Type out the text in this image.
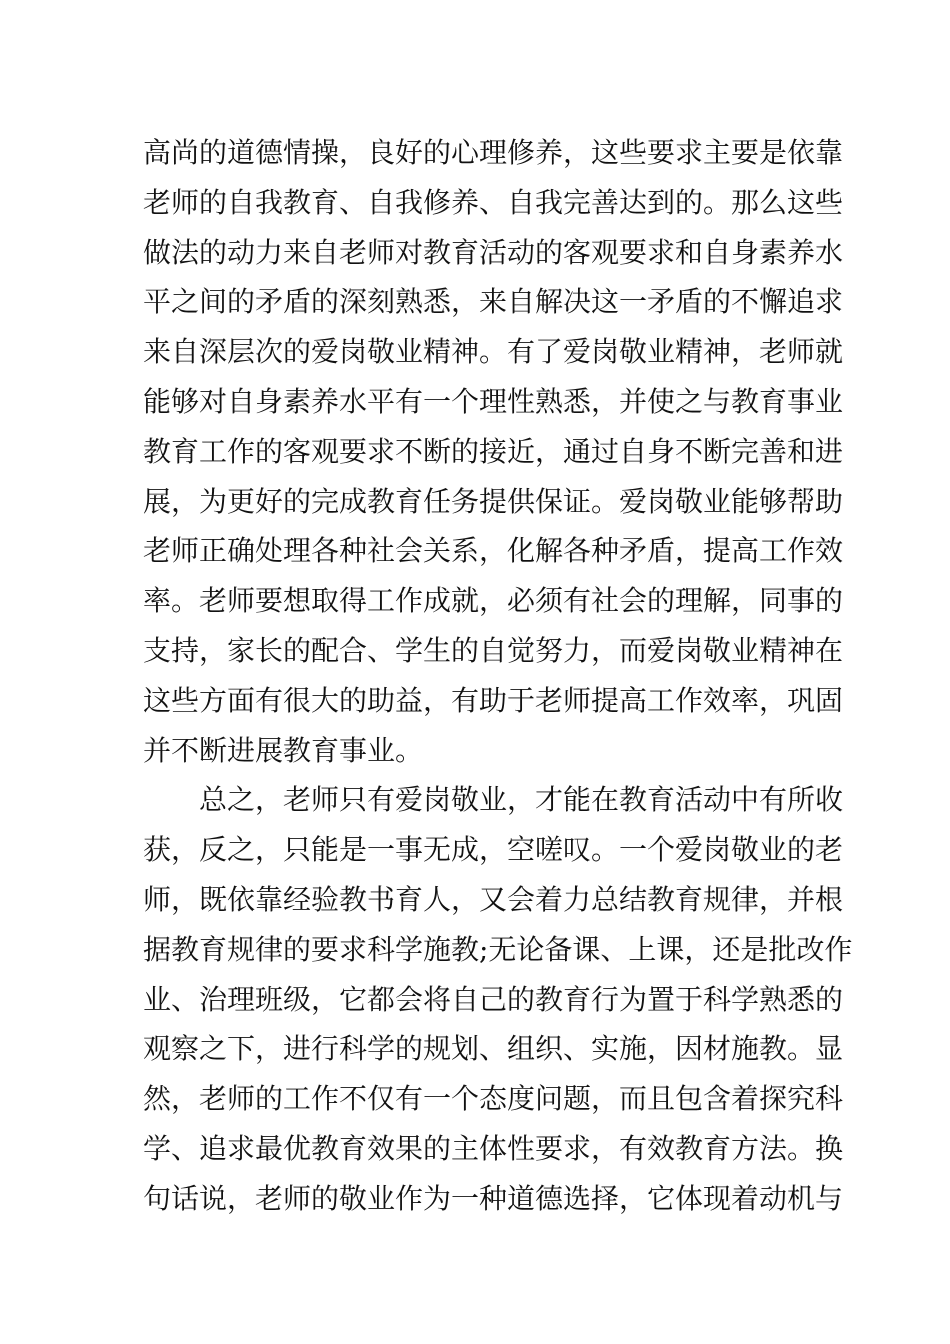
高尚的道德情操，良好的心理修养，这些要求主要是依靠
老师的自我教育、自我修养、自我完善达到的。那么这些
做法的动力来自老师对教育活动的客观要求和自身素养水
平之间的矛盾的深刻熟悉，来自解决这一矛盾的不懈追求
来自深层次的爱岗敬业精神。有了爱岗敬业精神，老师就
能够对自身素养水平有一个理性熟悉，并使之与教育事业
教育工作的客观要求不断的接近，通过自身不断完善和进
展，为更好的完成教育任务提供保证。爱岗敬业能够帮助
老师正确处理各种社会关系，化解各种矛盾，提高工作效
率。老师要想取得工作成就，必须有社会的理解，同事的
支持，家长的配合、学生的自觉努力，而爱岗敬业精神在
这些方面有很大的助益，有助于老师提高工作效率，巩固
并不断进展教育事业。
总之，老师只有爱岗敬业，才能在教育活动中有所收
获，反之，只能是一事无成，空嗟叹。一个爱岗敬业的老
师，既依靠经验教书育人，又会着力总结教育规律，并根
据教育规律的要求科学施教;无论备课、上课，还是批改作
业、治理班级，它都会将自己的教育行为置于科学熟悉的
观察之下，进行科学的规划、组织、实施，因材施教。显
然，老师的工作不仅有一个态度问题，而且包含着探究科
学、追求最优教育效果的主体性要求，有效教育方法。换
句话说，老师的敬业作为一种道德选择，它体现着动机与
